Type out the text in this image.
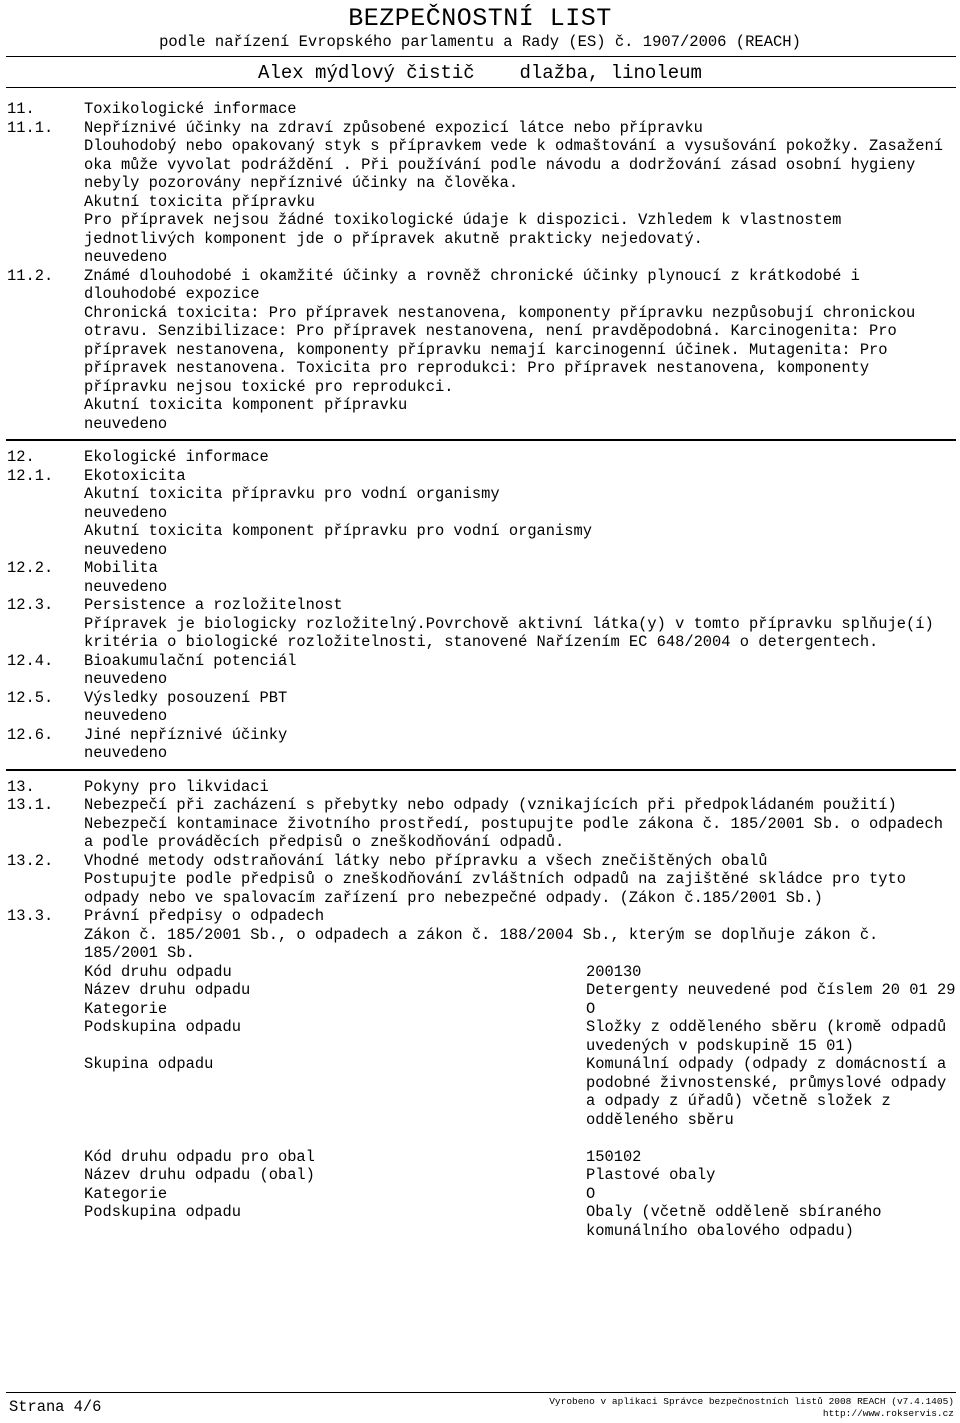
BEZPEČNOSTNÍ LIST
podle nařízení Evropského parlamentu a Rady (ES) č. 1907/2006 (REACH)
Alex mýdlový čistič dlažba, linoleum
11.	Toxikologické informace
11.1. Nepříznivé účinky na zdraví způsobené expozicí látce nebo přípravku
Dlouhodobý nebo opakovaný styk s přípravkem vede k odmaštování a vysušování pokožky. Zasažení oka může vyvolat podráždění . Při používání podle návodu a dodržování zásad osobní hygieny nebyly pozorovány nepříznivé účinky na člověka.
Akutní toxicita přípravku
Pro přípravek nejsou žádné toxikologické údaje k dispozici. Vzhledem k vlastnostem jednotlivých komponent jde o přípravek akutně prakticky nejedovatý.
neuvedeno
11.2. Známé dlouhodobé i okamžité účinky a rovněž chronické účinky plynoucí z krátkodobé i dlouhodobé expozice
Chronická toxicita: Pro přípravek nestanovena, komponenty přípravku nezpůsobují chronickou otravu. Senzibilizace: Pro přípravek nestanovena, není pravděpodobná. Karcinogenita: Pro přípravek nestanovena, komponenty přípravku nemají karcinogenní účinek. Mutagenita: Pro přípravek nestanovena. Toxicita pro reprodukci: Pro přípravek nestanovena, komponenty přípravku nejsou toxické pro reprodukci.
Akutní toxicita komponent přípravku
neuvedeno
12.	Ekologické informace
12.1. Ekotoxicita
Akutní toxicita přípravku pro vodní organismy
neuvedeno
Akutní toxicita komponent přípravku pro vodní organismy
neuvedeno
12.2. Mobilita
neuvedeno
12.3. Persistence a rozložitelnost
Přípravek je biologicky rozložitelný.Povrchově aktivní látka(y) v tomto přípravku splňuje(í) kritéria o biologické rozložitelnosti, stanovené Nařízením EC 648/2004 o detergentech.
12.4. Bioakumulační potenciál
neuvedeno
12.5. Výsledky posouzení PBT
neuvedeno
12.6. Jiné nepříznivé účinky
neuvedeno
13.	Pokyny pro likvidaci
13.1. Nebezpečí při zacházení s přebytky nebo odpady (vznikajících při předpokládaném použití)
Nebezpečí kontaminace životního prostředí, postupujte podle zákona č. 185/2001 Sb. o odpadech a podle prováděcích předpisů o zneškodňování odpadů.
13.2. Vhodné metody odstraňování látky nebo přípravku a všech znečištěných obalů
Postupujte podle předpisů o zneškodňování zvláštních odpadů na zajištěné skládce pro tyto odpady nebo ve spalovacím zařízení pro nebezpečné odpady. (Zákon č.185/2001 Sb.)
13.3. Právní předpisy o odpadech
Zákon č. 185/2001 Sb., o odpadech a zákon č. 188/2004 Sb., kterým se doplňuje zákon č. 185/2001 Sb.
Kód druhu odpadu	200130
Název druhu odpadu	Detergenty neuvedené pod číslem 20 01 29
Kategorie	O
Podskupina odpadu	Složky z odděleného sběru (kromě odpadů uvedených v podskupině 15 01)
Skupina odpadu	Komunální odpady (odpady z domácností a podobné živnostenské, průmyslové odpady a odpady z úřadů) včetně složek z odděleného sběru
Kód druhu odpadu pro obal	150102
Název druhu odpadu (obal)	Plastové obaly
Kategorie	O
Podskupina odpadu	Obaly (včetně odděleně sbíraného komunálního obalového odpadu)
Strana 4/6	Vyrobeno v aplikaci Správce bezpečnostních listů 2008 REACH (v7.4.1405)
http://www.rokservis.cz
